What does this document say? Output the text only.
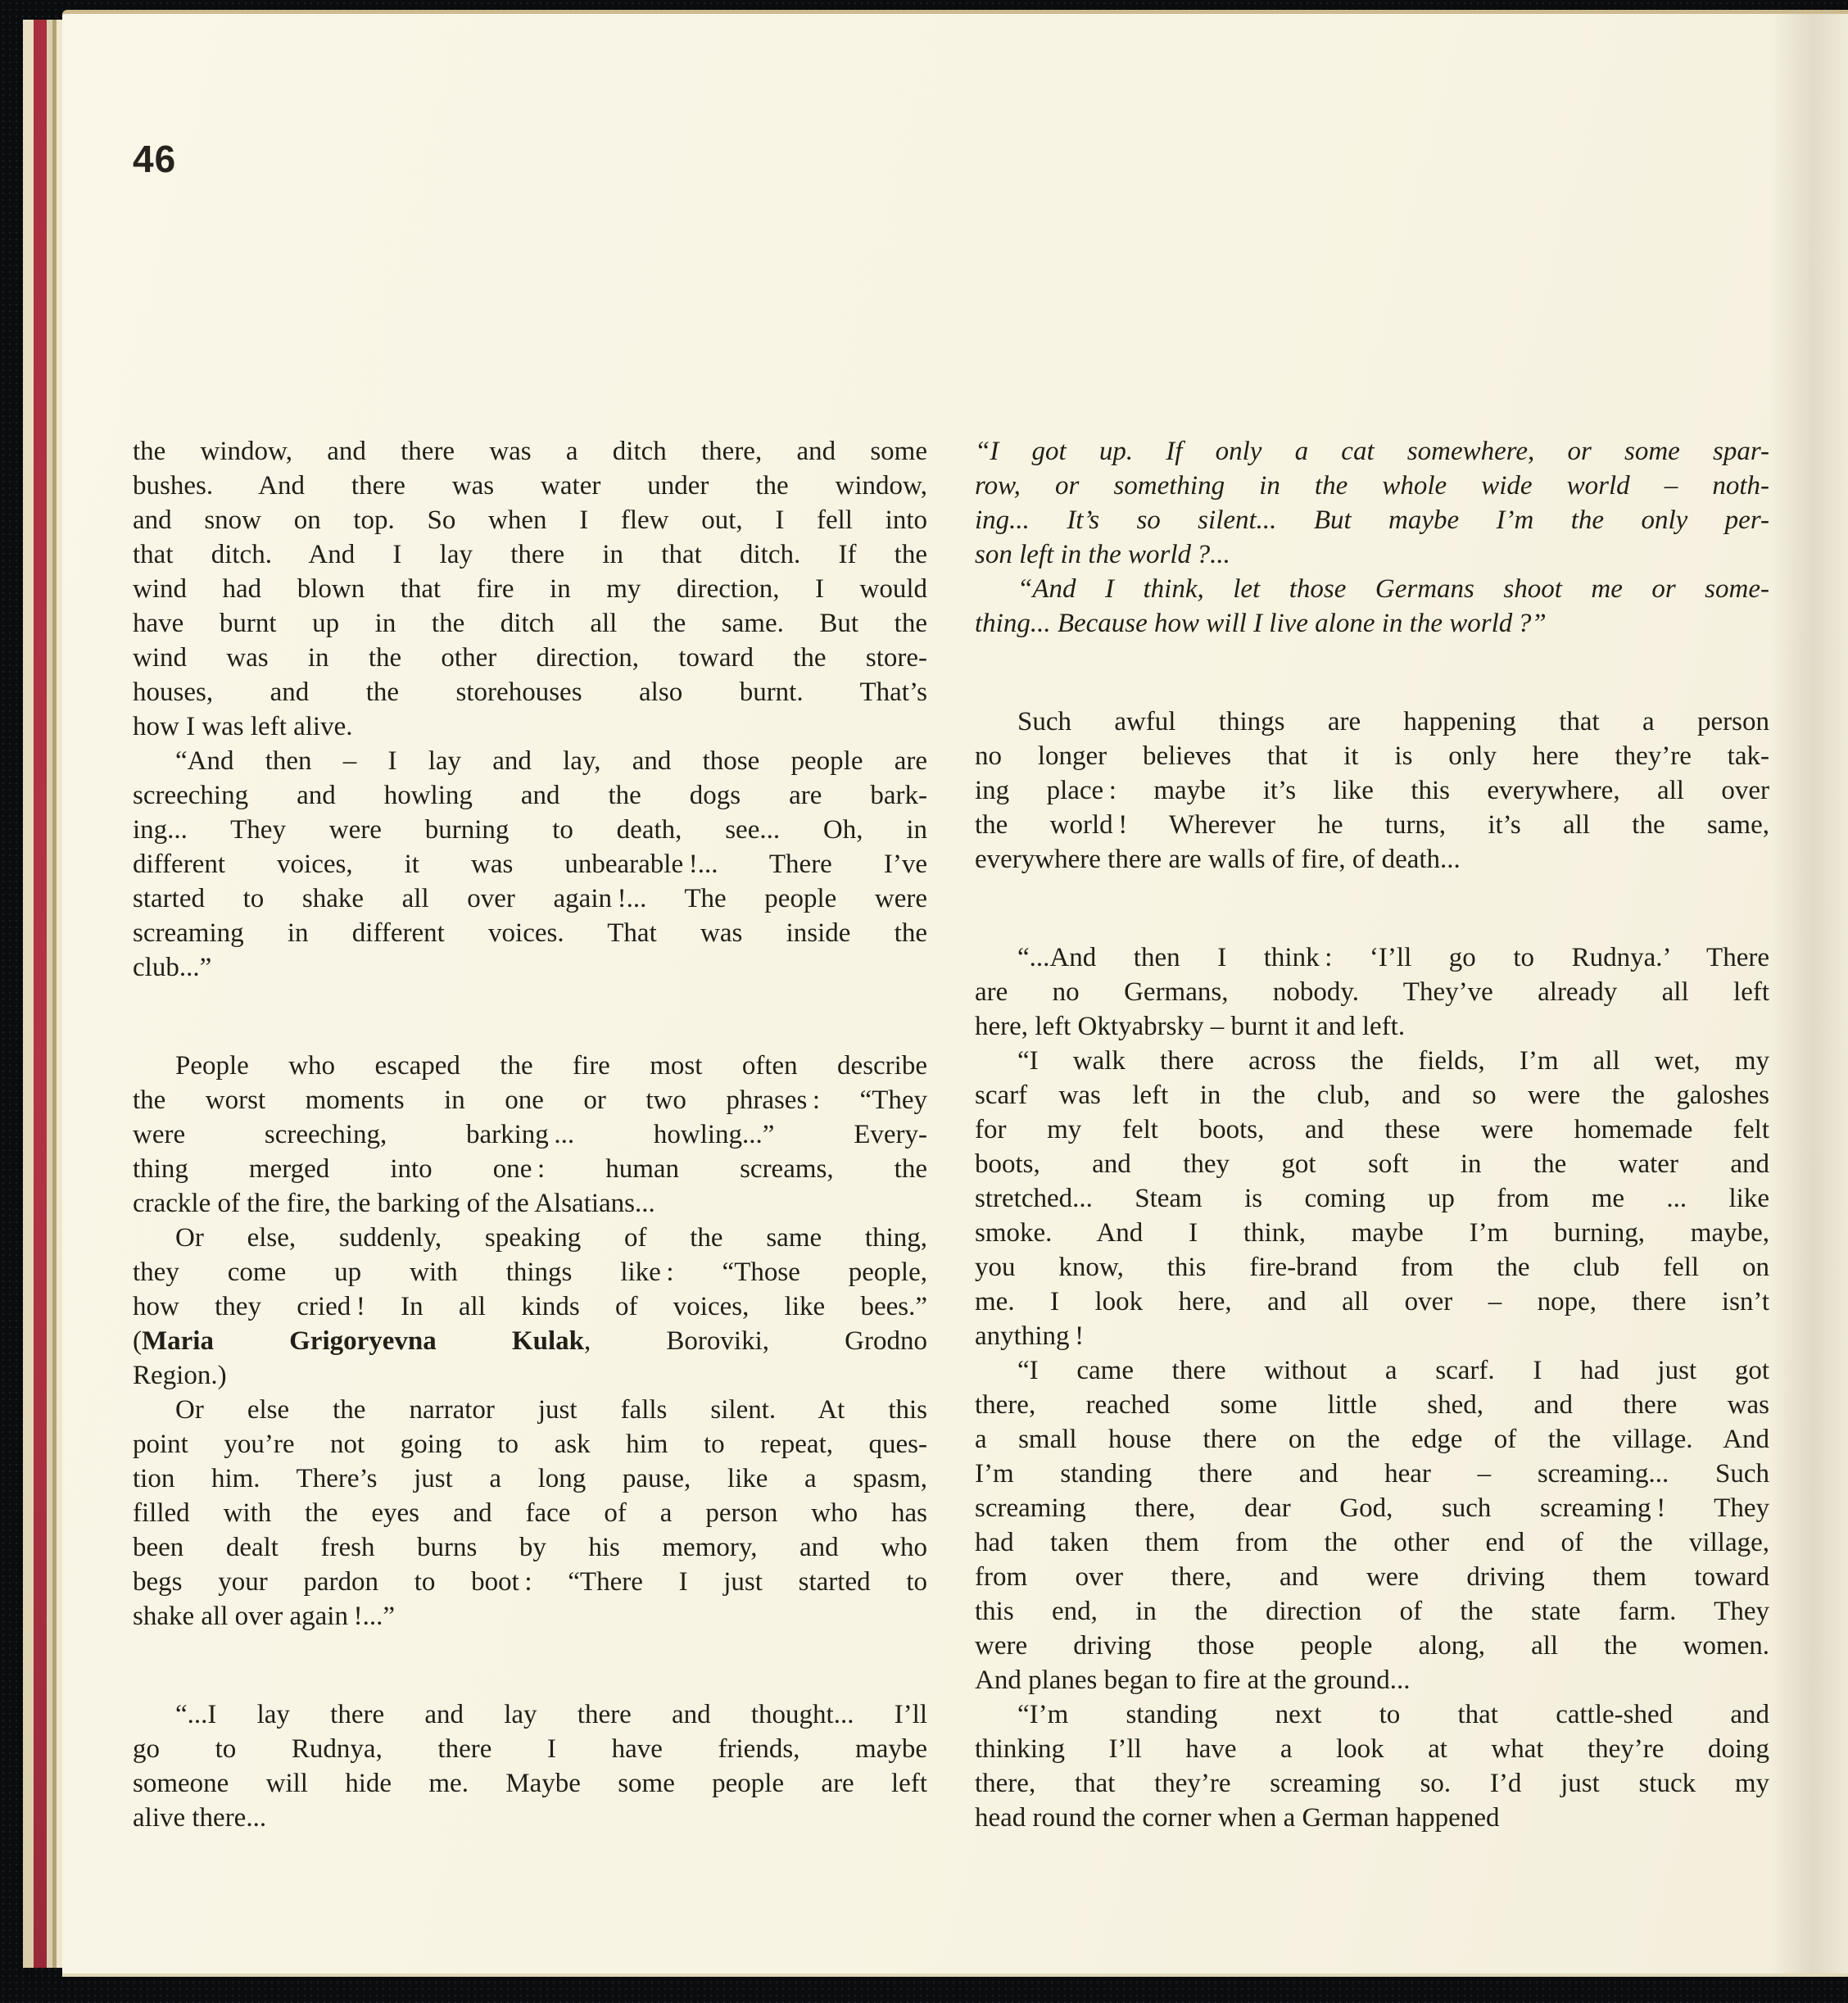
46
the window, and there was a ditch there, and some
bushes. And there was water under the window,
and snow on top. So when I flew out, I fell into
that ditch. And I lay there in that ditch. If the
wind had blown that fire in my direction, I would
have burnt up in the ditch all the same. But the
wind was in the other direction, toward the store-
houses, and the storehouses also burnt. That’s
how I was left alive.
“And then – I lay and lay, and those people are
screeching and howling and the dogs are bark-
ing... They were burning to death, see... Oh, in
different voices, it was unbearable !... There I’ve
started to shake all over again !... The people were
screaming in different voices. That was inside the
club...”
People who escaped the fire most often describe
the worst moments in one or two phrases : “They
were screeching, barking ... howling...” Every-
thing merged into one : human screams, the
crackle of the fire, the barking of the Alsatians...
Or else, suddenly, speaking of the same thing,
they come up with things like : “Those people,
how they cried ! In all kinds of voices, like bees.”
(Maria Grigoryevna Kulak, Boroviki, Grodno
Region.)
Or else the narrator just falls silent. At this
point you’re not going to ask him to repeat, ques-
tion him. There’s just a long pause, like a spasm,
filled with the eyes and face of a person who has
been dealt fresh burns by his memory, and who
begs your pardon to boot : “There I just started to
shake all over again !...”
“...I lay there and lay there and thought... I’ll
go to Rudnya, there I have friends, maybe
someone will hide me. Maybe some people are left
alive there...
“I got up. If only a cat somewhere, or some spar-
row, or something in the whole wide world – noth-
ing... It’s so silent... But maybe I’m the only per-
son left in the world ?...
“And I think, let those Germans shoot me or some-
thing... Because how will I live alone in the world ?”
Such awful things are happening that a person
no longer believes that it is only here they’re tak-
ing place : maybe it’s like this everywhere, all over
the world ! Wherever he turns, it’s all the same,
everywhere there are walls of fire, of death...
“...And then I think : ‘I’ll go to Rudnya.’ There
are no Germans, nobody. They’ve already all left
here, left Oktyabrsky – burnt it and left.
“I walk there across the fields, I’m all wet, my
scarf was left in the club, and so were the galoshes
for my felt boots, and these were homemade felt
boots, and they got soft in the water and
stretched... Steam is coming up from me ... like
smoke. And I think, maybe I’m burning, maybe,
you know, this fire-brand from the club fell on
me. I look here, and all over – nope, there isn’t
anything !
“I came there without a scarf. I had just got
there, reached some little shed, and there was
a small house there on the edge of the village. And
I’m standing there and hear – screaming... Such
screaming there, dear God, such screaming ! They
had taken them from the other end of the village,
from over there, and were driving them toward
this end, in the direction of the state farm. They
were driving those people along, all the women.
And planes began to fire at the ground...
“I’m standing next to that cattle-shed and
thinking I’ll have a look at what they’re doing
there, that they’re screaming so. I’d just stuck my
head round the corner when a German happened
